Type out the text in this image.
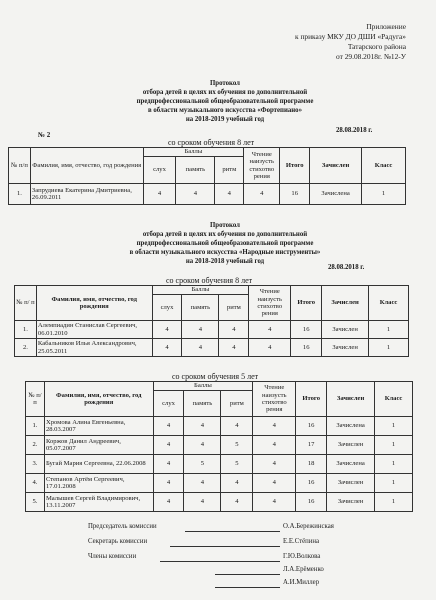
Приложение
к приказу МКУ ДО ДШИ «Радуга»
Татарского района
от 29.08.2018г. №12-У
Протокол
отбора детей в целях их обучения по дополнительной
предпрофессиональной общеобразовательной программе
в области музыкального искусства «Фортепиано»
на 2018-2019 учебный год
№ 2
28.08.2018 г.
со сроком обучения 8 лет
№ п/п	Фамилия, имя, отчество, год рождения	Баллы			Чтение наизусть стихотво рения	Итого	Зачислен	Класс
		слух	память	ритм				
1.	Запрудиева Екатерина Дмитриевна, 26.09.2011	4	4	4	4	16	Зачислена	1
Протокол
отбора детей в целях их обучения по дополнительной
предпрофессиональной общеобразовательной программе
в области музыкального искусства «Народные инструменты»
на 2018-2018 учебный год
28.08.2018 г.
со сроком обучения 8 лет
№ п/ п	Фамилия, имя, отчество, год рождения	Баллы			Чтение наизусть стихотво рения	Итого	Зачислен	Класс
		слух	память	ритм				
1.	Алемпиадин Станислав Сергеевич, 06.01.2010	4	4	4	4	16	Зачислен	1
2.	Кабальников Илья Александрович, 25.05.2011	4	4	4	4	16	Зачислен	1
со сроком обучения 5 лет
№ п/ п	Фамилия, имя, отчество, год рождения	Баллы			Чтение наизусть стихотво рения	Итого	Зачислен	Класс
		слух	память	ритм				
1.	Хромова Алина Евгеньевна, 28.03.2007	4	4	4	4	16	Зачислена	1
2.	Коржов Данил Андреевич, 05.07.2007	4	4	5	4	17	Зачислен	1
3.	Бугай Мария Сергеевна, 22.06.2008	4	5	5	4	18	Зачислена	1
4.	Степанов Артём Сергеевич, 17.01.2008	4	4	4	4	16	Зачислен	1
5.	Малышев Сергей Владимирович, 13.11.2007	4	4	4	4	16	Зачислен	1
Председатель комиссии
Секретарь комиссии
Члены комиссии
О.А.Бережинская
Е.Е.Стёпина
Г.Ю.Волкова
Л.А.Ерёменко
А.И.Миллер
